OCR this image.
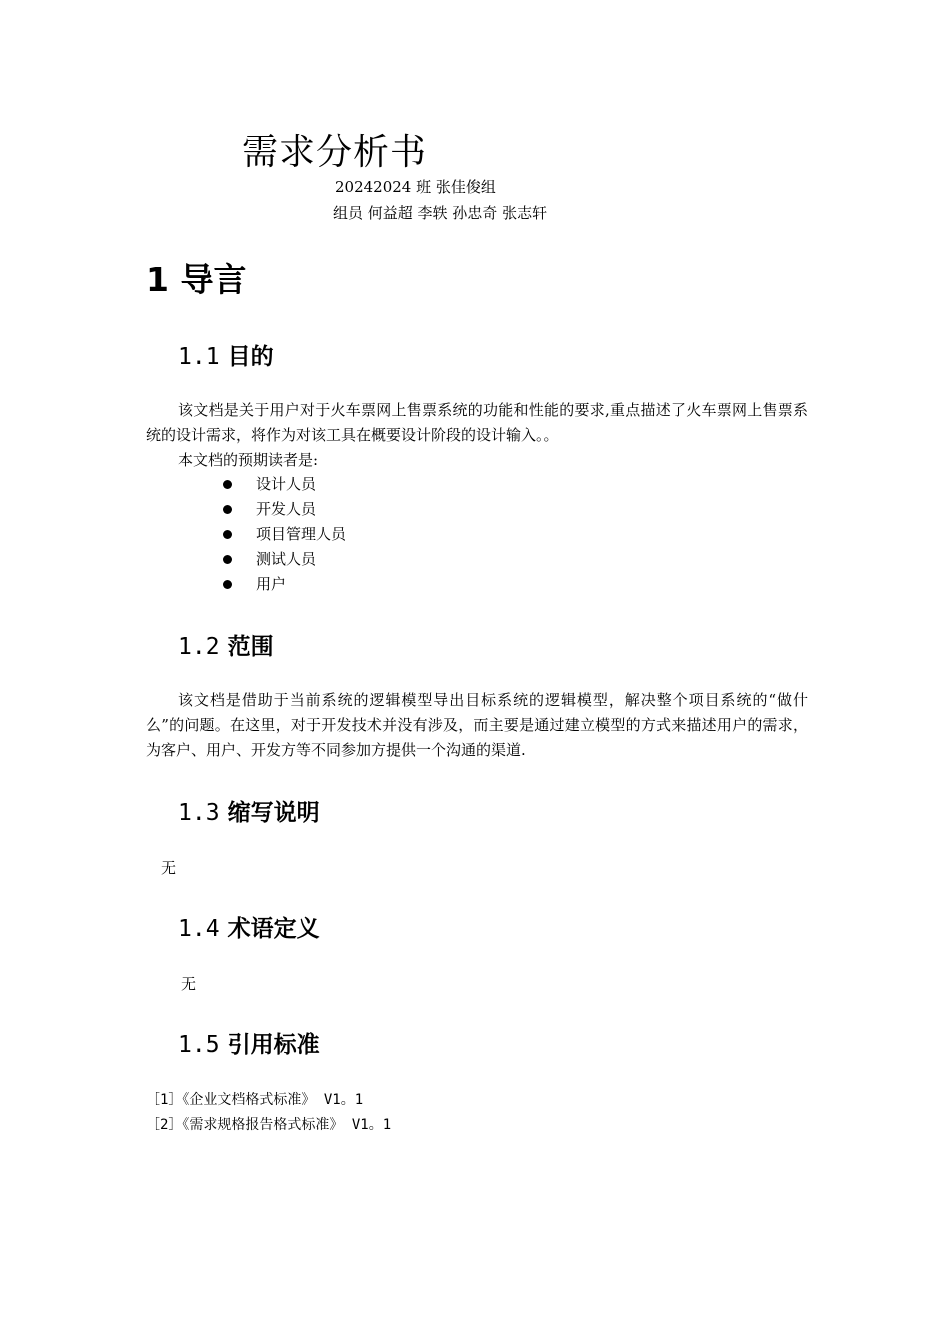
需求分析书
20242024 班 张佳俊组
组员 何益超 李轶 孙忠奇 张志轩
1 导言
1.1 目的
该文档是关于用户对于火车票网上售票系统的功能和性能的要求,重点描述了火车票网上售票系统的设计需求，将作为对该工具在概要设计阶段的设计输入。。
本文档的预期读者是:
设计人员
开发人员
项目管理人员
测试人员
用户
1.2 范围
该文档是借助于当前系统的逻辑模型导出目标系统的逻辑模型，解决整个项目系统的“做什么”的问题。在这里，对于开发技术并没有涉及，而主要是通过建立模型的方式来描述用户的需求，为客户、用户、开发方等不同参加方提供一个沟通的渠道.
1.3 缩写说明
无
1.4 术语定义
无
1.5 引用标准
［1］《企业文档格式标准》 V1。1
［2］《需求规格报告格式标准》 V1。1
